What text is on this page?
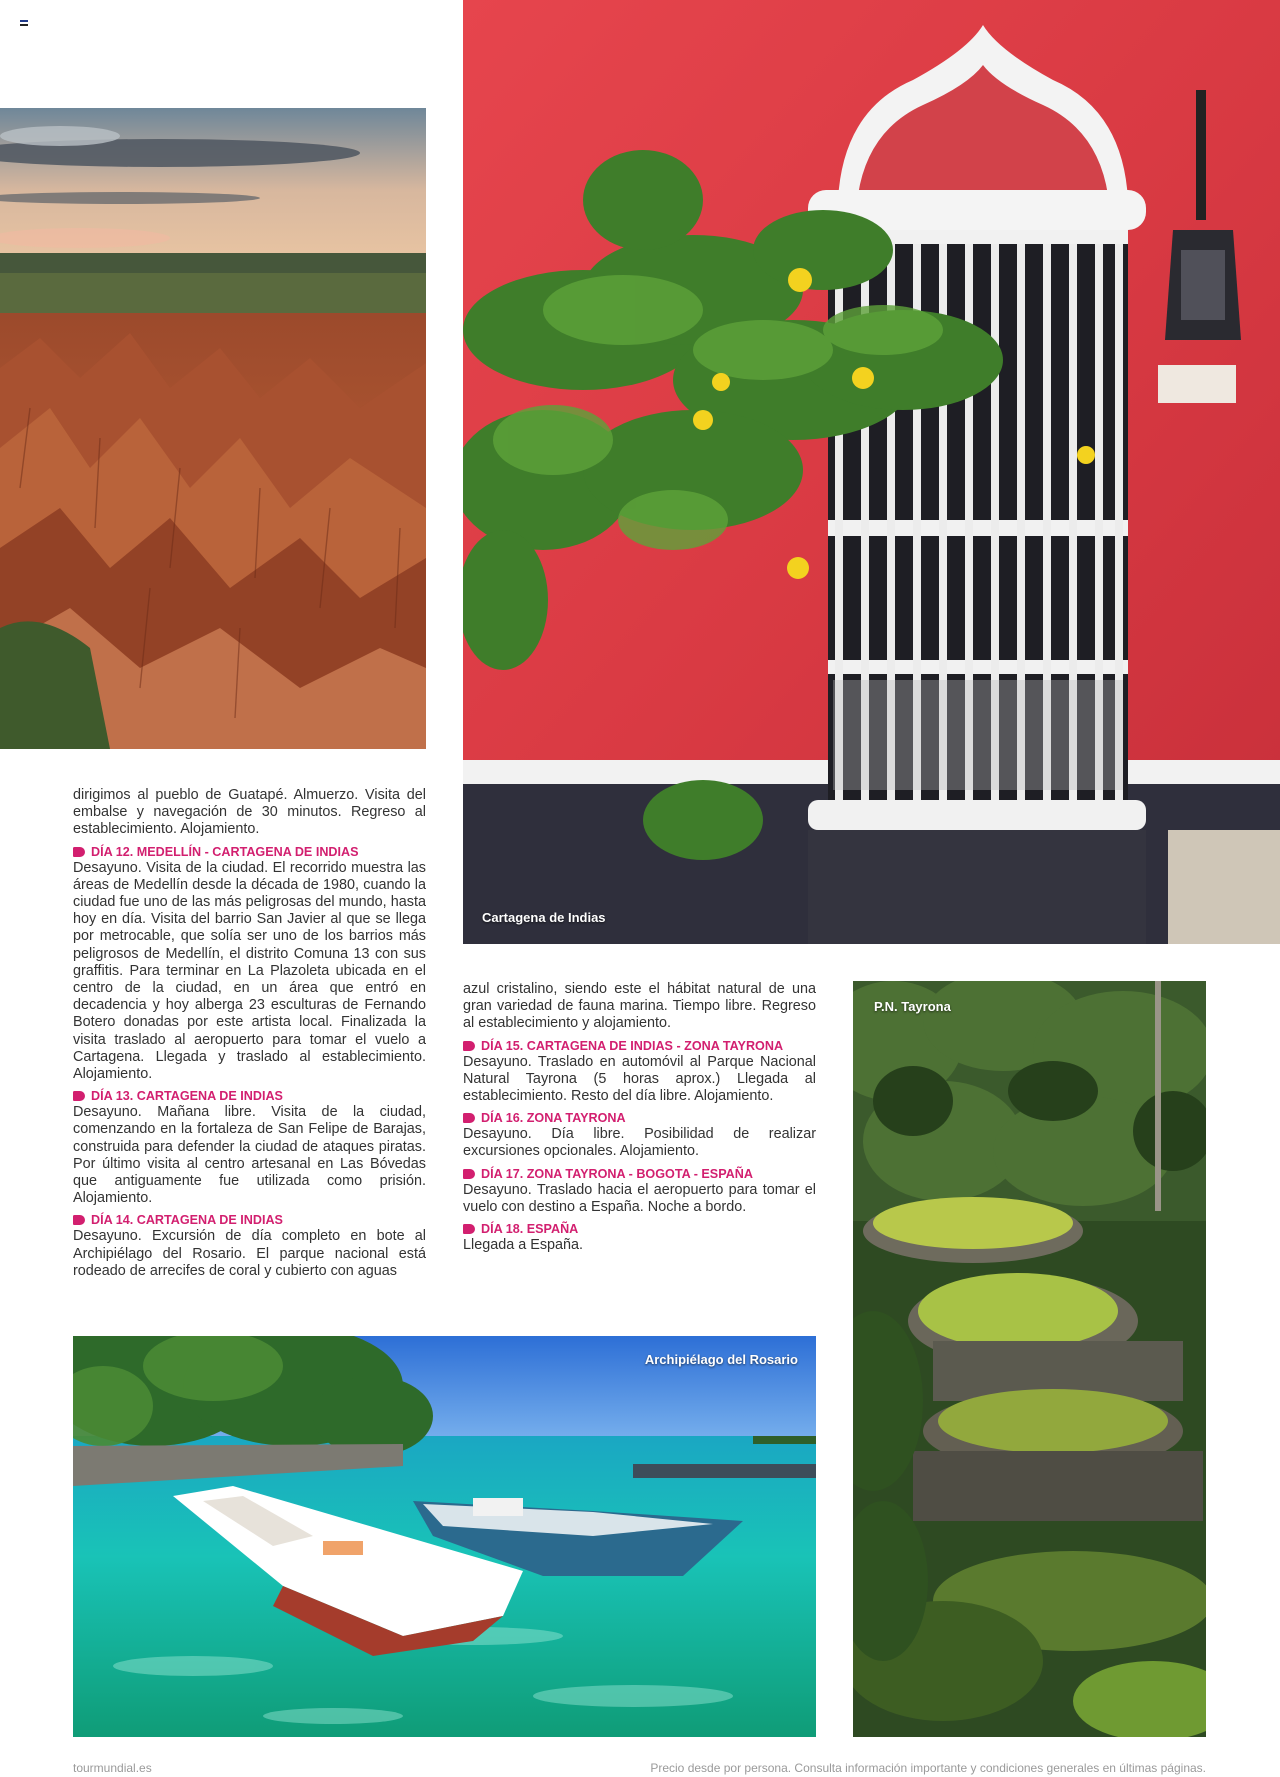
Cartagena de Indias

dirigimos al pueblo de Guatapé. Almuerzo. Visita del embalse y navegación de 30 minutos. Regreso al establecimiento. Alojamiento.

DÍA 12. MEDELLÍN - CARTAGENA DE INDIAS

Desayuno. Visita de la ciudad. El recorrido muestra las áreas de Medellín desde la década de 1980, cuando la ciudad fue uno de las más peligrosas del mundo, hasta hoy en día. Visita del barrio San Javier al que se llega por metrocable, que solía ser uno de los barrios más peligrosos de Medellín, el distrito Comuna 13 con sus graffitis. Para terminar en La Plazoleta ubicada en el centro de la ciudad, en un área que entró en decadencia y hoy alberga 23 esculturas de Fernando Botero donadas por este artista local. Finalizada la visita traslado al aeropuerto para tomar el vuelo a Cartagena. Llegada y traslado al establecimiento. Alojamiento.

DÍA 13. CARTAGENA DE INDIAS

Desayuno. Mañana libre. Visita de la ciudad, comenzando en la fortaleza de San Felipe de Barajas, construida para defender la ciudad de ataques piratas. Por último visita al centro artesanal en Las Bóvedas que antiguamente fue utilizada como prisión. Alojamiento.

DÍA 14. CARTAGENA DE INDIAS

Desayuno. Excursión de día completo en bote al Archipiélago del Rosario. El parque nacional está rodeado de arrecifes de coral y cubierto con aguas

azul cristalino, siendo este el hábitat natural de una gran variedad de fauna marina. Tiempo libre. Regreso al establecimiento y alojamiento.

DÍA 15. CARTAGENA DE INDIAS - ZONA TAYRONA

Desayuno. Traslado en automóvil al Parque Nacional Natural Tayrona (5 horas aprox.) Llegada al establecimiento. Resto del día libre. Alojamiento.

DÍA 16. ZONA TAYRONA

Desayuno. Día libre. Posibilidad de realizar excursiones opcionales. Alojamiento.

DÍA 17. ZONA TAYRONA - BOGOTA - ESPAÑA

Desayuno. Traslado hacia el aeropuerto para tomar el vuelo con destino a España. Noche a bordo.

DÍA 18. ESPAÑA

Llegada a España.

P.N. Tayrona
Archipiélago del Rosario
tourmundial.es	Precio desde por persona. Consulta información importante y condiciones generales en últimas páginas.
